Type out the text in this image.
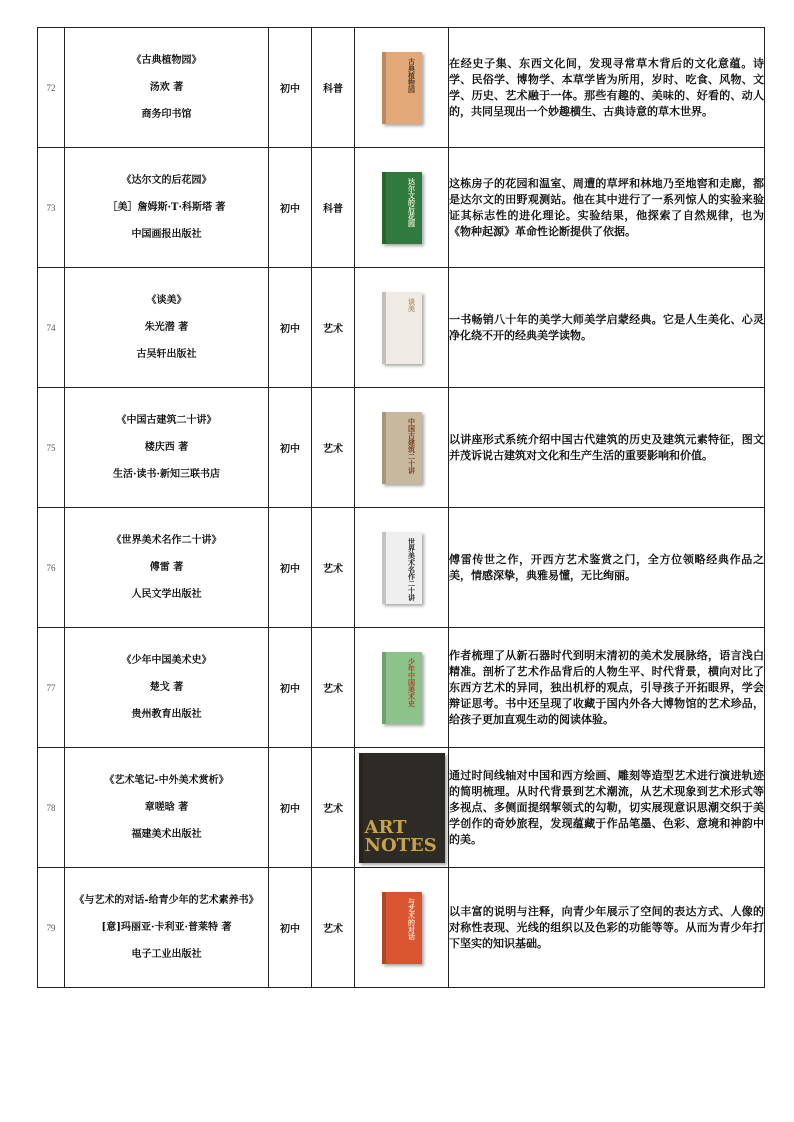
72	《古典植物园》
汤欢 著
商务印书馆	初中	科普	古典植物园	在经史子集、东西文化间，发现寻常草木背后的文化意蕴。诗学、民俗学、博物学、本草学皆为所用，岁时、吃食、风物、文学、历史、艺术融于一体。那些有趣的、美味的、好看的、动人的，共同呈现出一个妙趣横生、古典诗意的草木世界。
73	《达尔文的后花园》
［美］詹姆斯·T·科斯塔 著
中国画报出版社	初中	科普	达尔文的后花园	这栋房子的花园和温室、周遭的草坪和林地乃至地窖和走廊，都是达尔文的田野观测站。他在其中进行了一系列惊人的实验来验证其标志性的进化理论。实验结果，他探索了自然规律，也为《物种起源》革命性论断提供了依据。
74	《谈美》
朱光潜 著
古吴轩出版社	初中	艺术	谈美	一书畅销八十年的美学大师美学启蒙经典。它是人生美化、心灵净化绕不开的经典美学读物。
75	《中国古建筑二十讲》
楼庆西 著
生活·读书·新知三联书店	初中	艺术	中国古建筑二十讲	以讲座形式系统介绍中国古代建筑的历史及建筑元素特征，图文并茂诉说古建筑对文化和生产生活的重要影响和价值。
76	《世界美术名作二十讲》
傅雷 著
人民文学出版社	初中	艺术	世界美术名作二十讲	傅雷传世之作，开西方艺术鉴赏之门，全方位领略经典作品之美，情感深挚，典雅易懂，无比绚丽。
77	《少年中国美术史》
楚戈 著
贵州教育出版社	初中	艺术	少年中国美术史	作者梳理了从新石器时代到明末清初的美术发展脉络，语言浅白精准。剖析了艺术作品背后的人物生平、时代背景，横向对比了东西方艺术的异同，独出机杼的观点，引导孩子开拓眼界，学会辩证思考。书中还呈现了收藏于国内外各大博物馆的艺术珍品，给孩子更加直观生动的阅读体验。
78	《艺术笔记-中外美术赏析》
章嗟晗 著
福建美术出版社	初中	艺术	ART NOTES	通过时间线轴对中国和西方绘画、雕刻等造型艺术进行演进轨迹的简明梳理。从时代背景到艺术潮流，从艺术现象到艺术形式等多视点、多侧面提纲挈领式的勾勒，切实展现意识思潮交织于美学创作的奇妙旅程，发现蕴藏于作品笔墨、色彩、意境和神韵中的美。
79	《与艺术的对话-给青少年的艺术素养书》
[意]玛丽亚·卡利亚·普莱特 著
电子工业出版社	初中	艺术	与艺术的对话	以丰富的说明与注释，向青少年展示了空间的表达方式、人像的对称性表现、光线的组织以及色彩的功能等等。从而为青少年打下坚实的知识基础。
